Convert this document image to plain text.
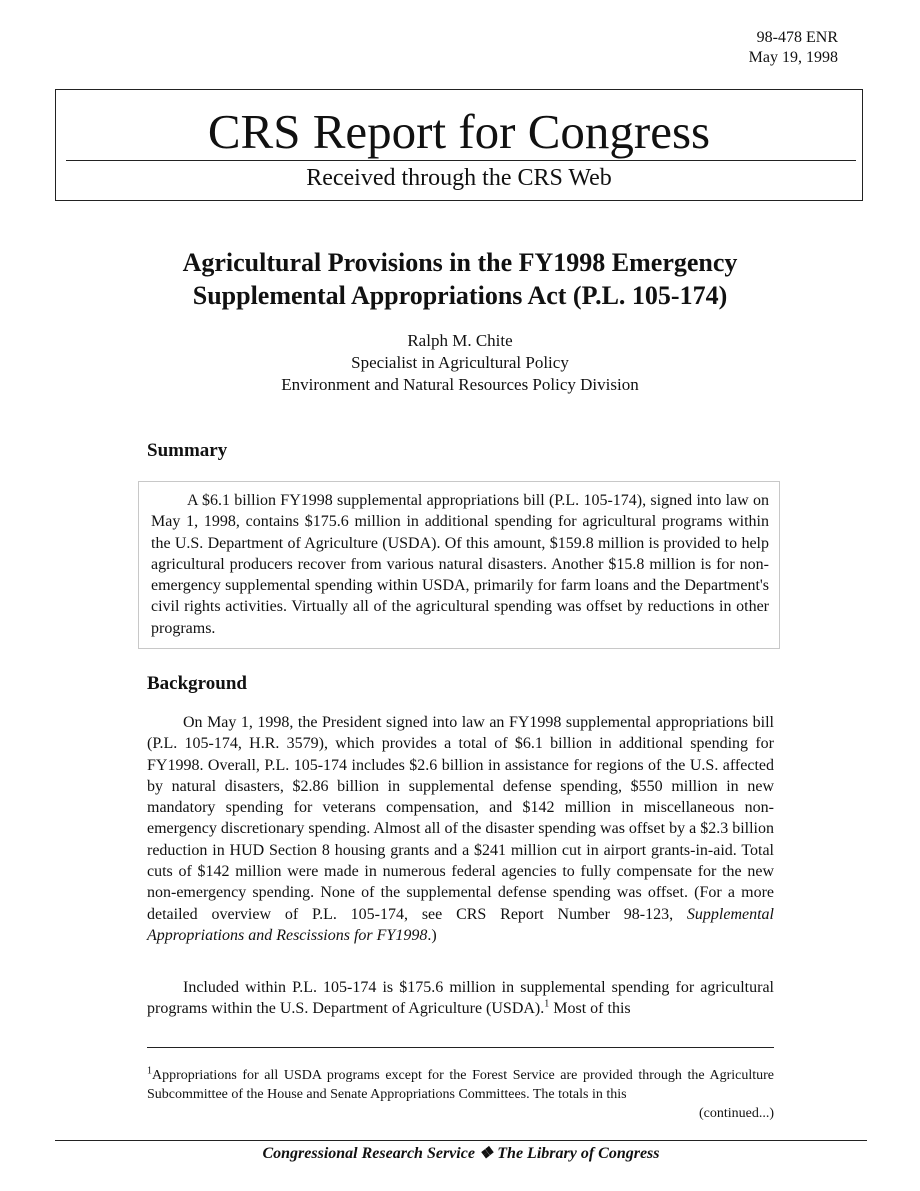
98-478 ENR
May 19, 1998
CRS Report for Congress
Received through the CRS Web
Agricultural Provisions in the FY1998 Emergency
Supplemental Appropriations Act (P.L. 105-174)
Ralph M. Chite
Specialist in Agricultural Policy
Environment and Natural Resources Policy Division
Summary
A $6.1 billion FY1998 supplemental appropriations bill (P.L. 105-174), signed into law on May 1, 1998, contains $175.6 million in additional spending for agricultural programs within the U.S. Department of Agriculture (USDA). Of this amount, $159.8 million is provided to help agricultural producers recover from various natural disasters. Another $15.8 million is for non-emergency supplemental spending within USDA, primarily for farm loans and the Department's civil rights activities. Virtually all of the agricultural spending was offset by reductions in other programs.
Background
On May 1, 1998, the President signed into law an FY1998 supplemental appropriations bill (P.L. 105-174, H.R. 3579), which provides a total of $6.1 billion in additional spending for FY1998. Overall, P.L. 105-174 includes $2.6 billion in assistance for regions of the U.S. affected by natural disasters, $2.86 billion in supplemental defense spending, $550 million in new mandatory spending for veterans compensation, and $142 million in miscellaneous non-emergency discretionary spending. Almost all of the disaster spending was offset by a $2.3 billion reduction in HUD Section 8 housing grants and a $241 million cut in airport grants-in-aid. Total cuts of $142 million were made in numerous federal agencies to fully compensate for the new non-emergency spending. None of the supplemental defense spending was offset. (For a more detailed overview of P.L. 105-174, see CRS Report Number 98-123, Supplemental Appropriations and Rescissions for FY1998.)
Included within P.L. 105-174 is $175.6 million in supplemental spending for agricultural programs within the U.S. Department of Agriculture (USDA).$^1$ Most of this
$^1$Appropriations for all USDA programs except for the Forest Service are provided through the Agriculture Subcommittee of the House and Senate Appropriations Committees. The totals in this
(continued...)
Congressional Research Service ❖ The Library of Congress
